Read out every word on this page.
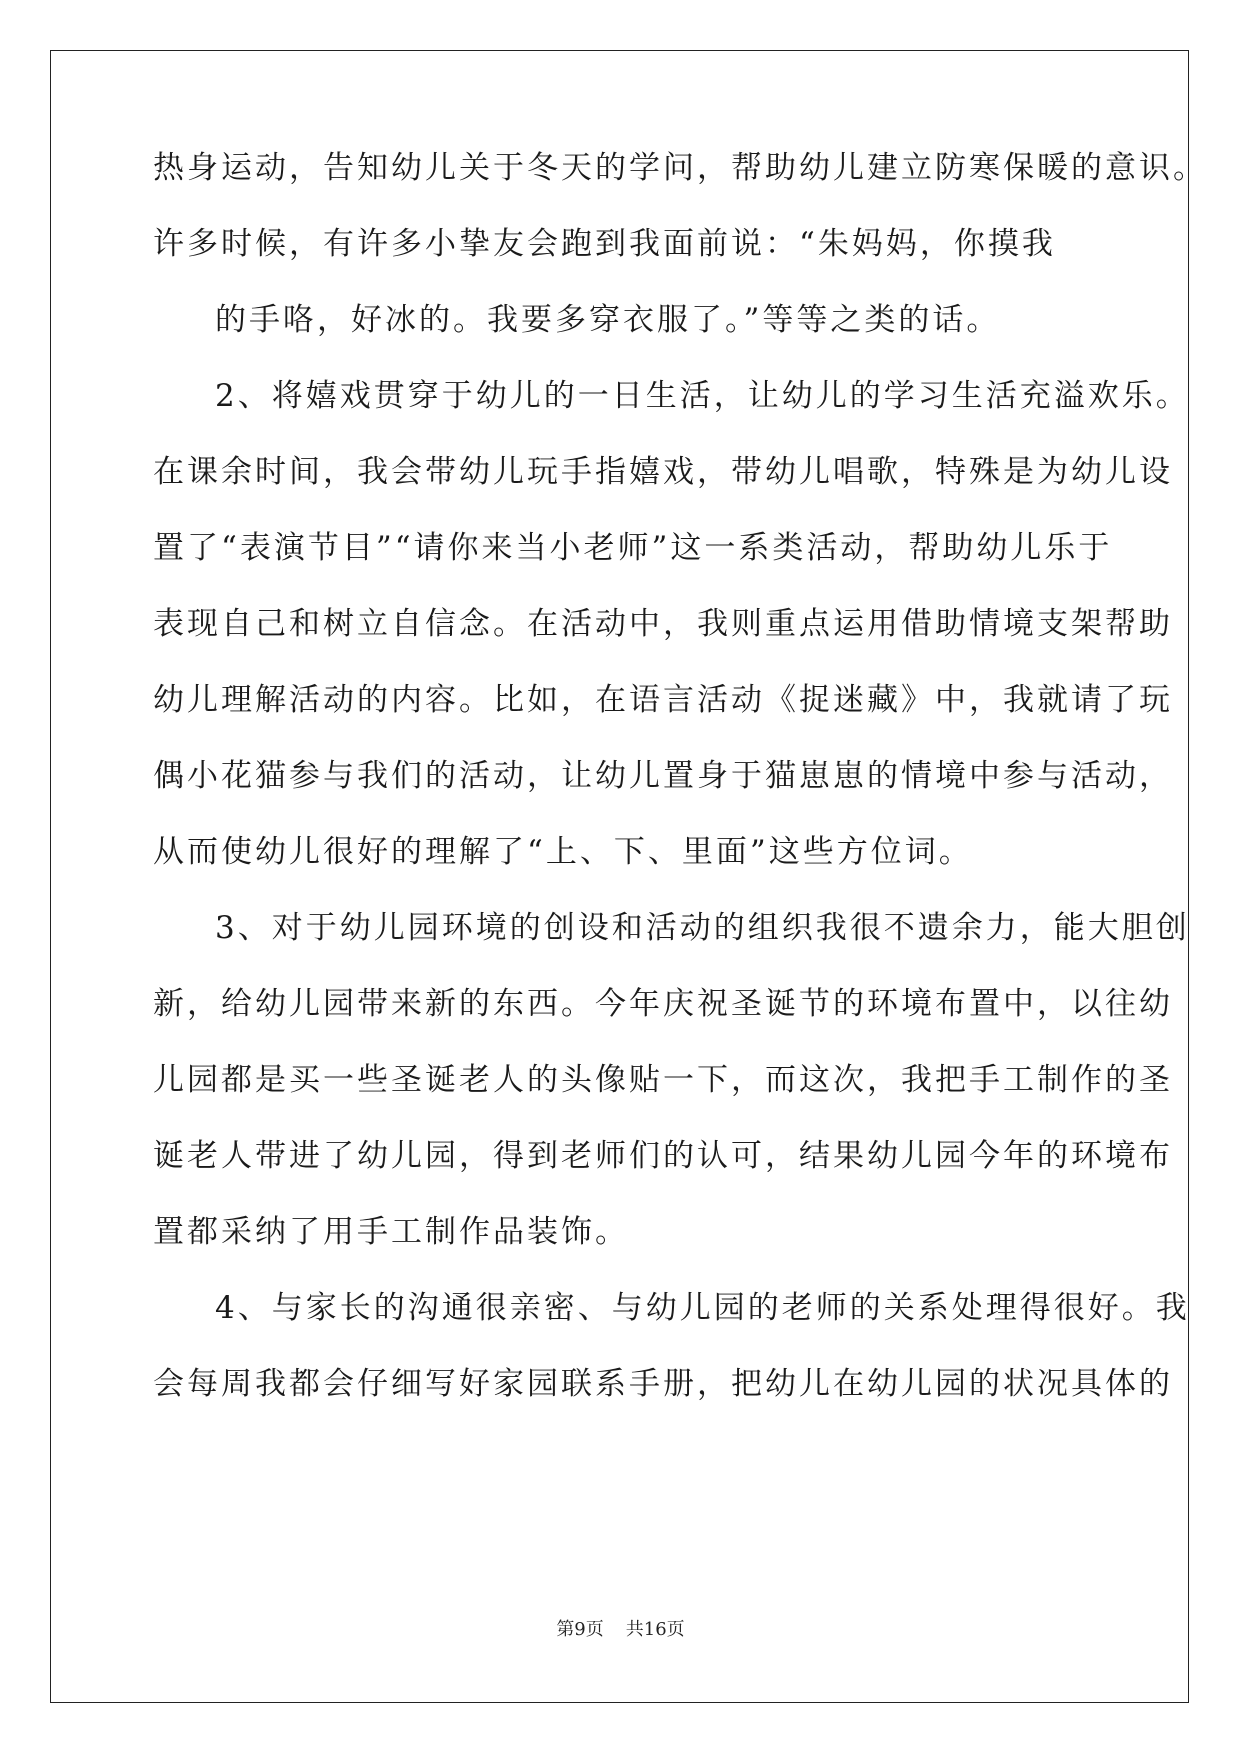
热身运动，告知幼儿关于冬天的学问，帮助幼儿建立防寒保暖的意识。
许多时候，有许多小挚友会跑到我面前说：“朱妈妈，你摸我
的手咯，好冰的。我要多穿衣服了。”等等之类的话。
2、将嬉戏贯穿于幼儿的一日生活，让幼儿的学习生活充溢欢乐。
在课余时间，我会带幼儿玩手指嬉戏，带幼儿唱歌，特殊是为幼儿设
置了“表演节目”“请你来当小老师”这一系类活动，帮助幼儿乐于
表现自己和树立自信念。在活动中，我则重点运用借助情境支架帮助
幼儿理解活动的内容。比如，在语言活动《捉迷藏》中，我就请了玩
偶小花猫参与我们的活动，让幼儿置身于猫崽崽的情境中参与活动，
从而使幼儿很好的理解了“上、下、里面”这些方位词。
3、对于幼儿园环境的创设和活动的组织我很不遗余力，能大胆创
新，给幼儿园带来新的东西。今年庆祝圣诞节的环境布置中，以往幼
儿园都是买一些圣诞老人的头像贴一下，而这次，我把手工制作的圣
诞老人带进了幼儿园，得到老师们的认可，结果幼儿园今年的环境布
置都采纳了用手工制作品装饰。
4、与家长的沟通很亲密、与幼儿园的老师的关系处理得很好。我
会每周我都会仔细写好家园联系手册，把幼儿在幼儿园的状况具体的
第9页 共16页
